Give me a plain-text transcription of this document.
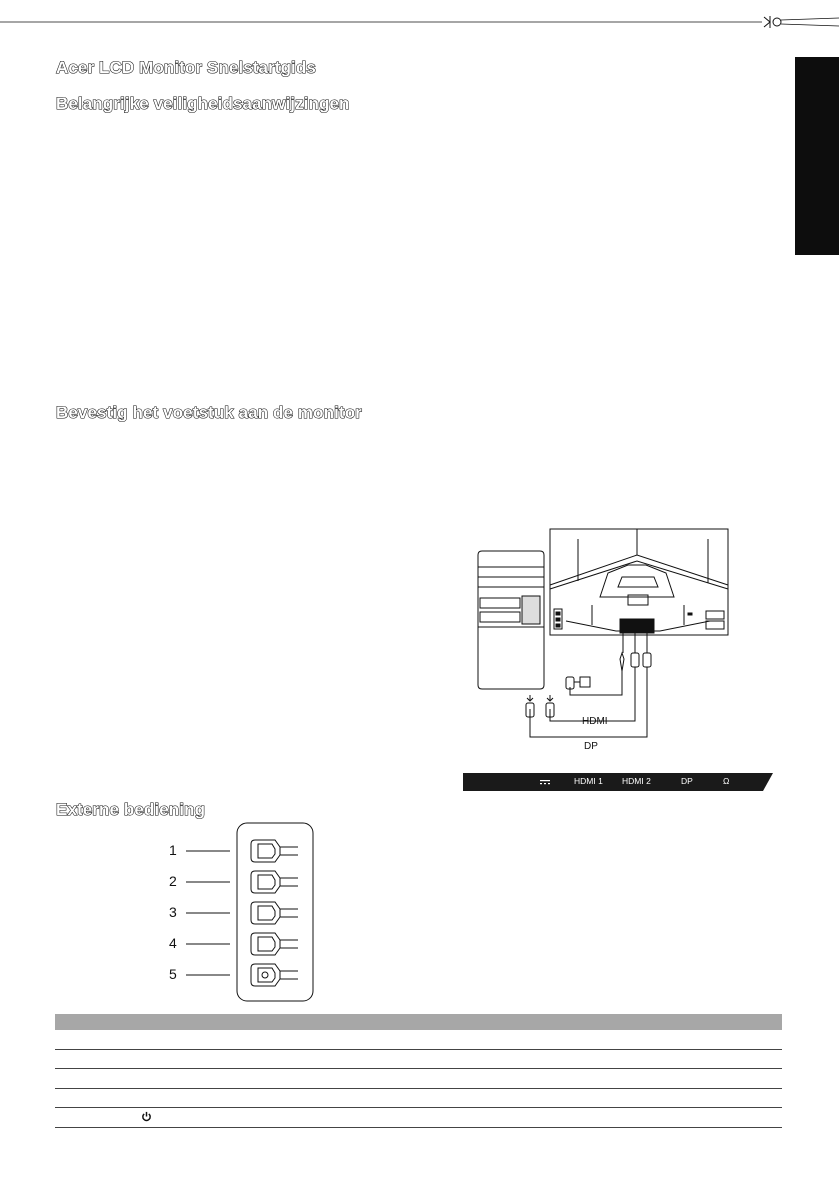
Acer LCD Monitor Snelstartgids
Belangrijke veiligheidsaanwijzingen
Bevestig het voetstuk aan de monitor
Externe bediening
HDMI
DP
HDMI 1 HDMI 2	DP	Ω
1
2
3
4
5
